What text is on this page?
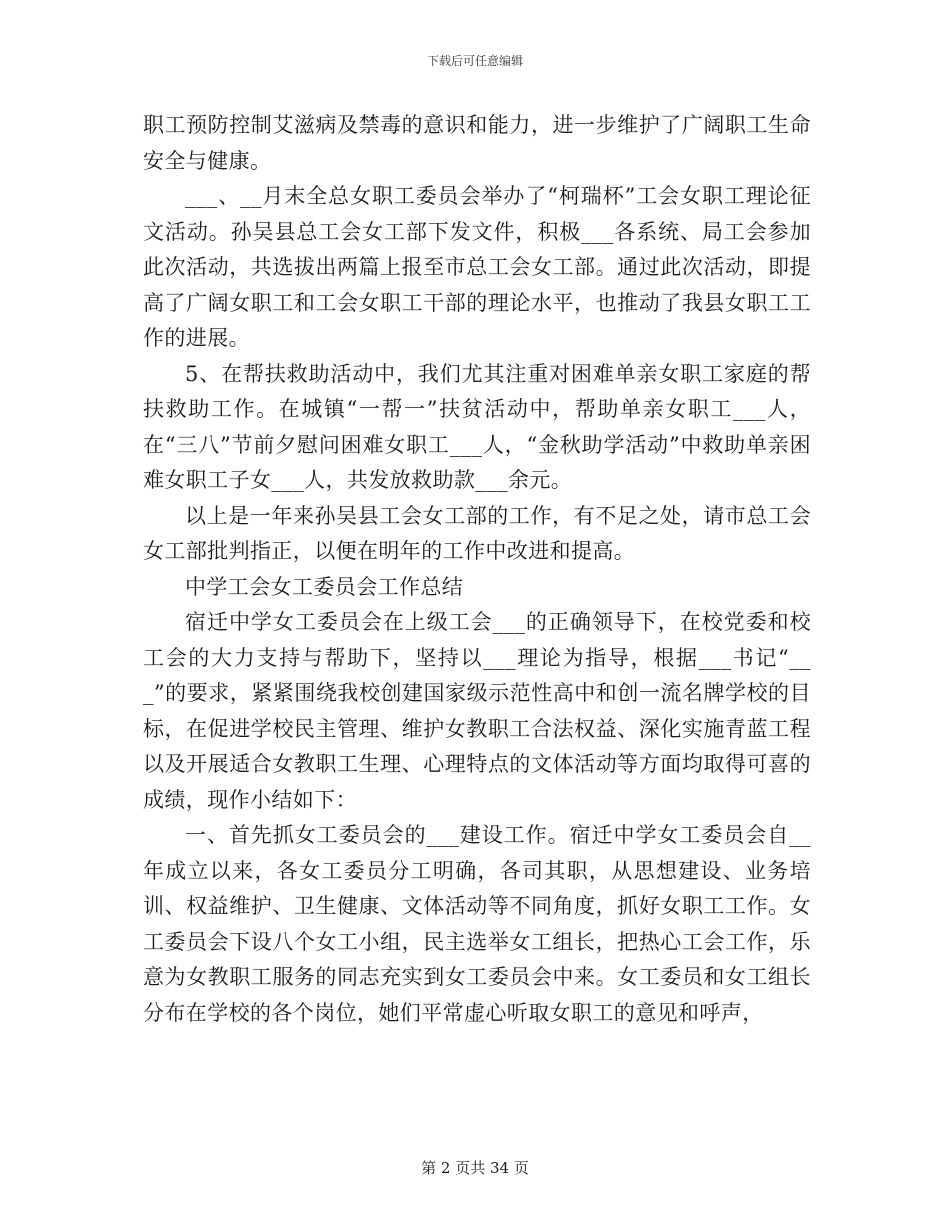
下载后可任意编辑

职工预防控制艾滋病及禁毒的意识和能力，进一步维护了广阔职工生命安全与健康。

___、__月末全总女职工委员会举办了“柯瑞杯”工会女职工理论征文活动。孙吴县总工会女工部下发文件，积极___各系统、局工会参加此次活动，共选拔出两篇上报至市总工会女工部。通过此次活动，即提高了广阔女职工和工会女职工干部的理论水平，也推动了我县女职工工作的进展。

5、在帮扶救助活动中，我们尤其注重对困难单亲女职工家庭的帮扶救助工作。在城镇“一帮一”扶贫活动中，帮助单亲女职工___人，在“三八”节前夕慰问困难女职工___人，“金秋助学活动”中救助单亲困难女职工子女___人，共发放救助款___余元。

以上是一年来孙吴县工会女工部的工作，有不足之处，请市总工会女工部批判指正，以便在明年的工作中改进和提高。

中学工会女工委员会工作总结

宿迁中学女工委员会在上级工会___的正确领导下，在校党委和校工会的大力支持与帮助下，坚持以___理论为指导，根据___书记“___”的要求，紧紧围绕我校创建国家级示范性高中和创一流名牌学校的目标，在促进学校民主管理、维护女教职工合法权益、深化实施青蓝工程以及开展适合女教职工生理、心理特点的文体活动等方面均取得可喜的成绩，现作小结如下：

一、首先抓女工委员会的___建设工作。宿迁中学女工委员会自__年成立以来，各女工委员分工明确，各司其职，从思想建设、业务培训、权益维护、卫生健康、文体活动等不同角度，抓好女职工工作。女工委员会下设八个女工小组，民主选举女工组长，把热心工会工作，乐意为女教职工服务的同志充实到女工委员会中来。女工委员和女工组长分布在学校的各个岗位，她们平常虚心听取女职工的意见和呼声，

第 2 页共 34 页
